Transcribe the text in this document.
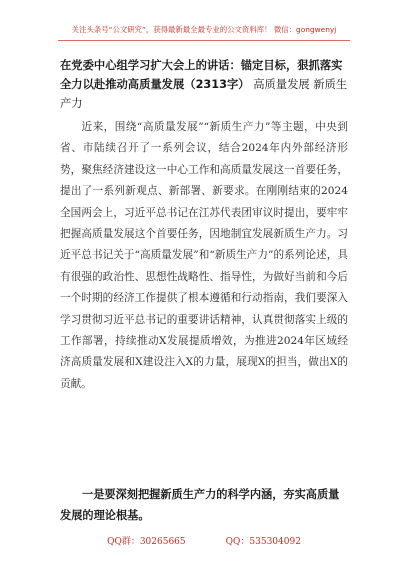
关注头条号“公文研究”，获得最新最全最专业的公文资料库！ 微信：gongwenyj
在党委中心组学习扩大会上的讲话：锚定目标，狠抓落实全力以赴推动高质量发展（2313字） 高质量发展 新质生产力

近来，围绕“高质量发展”“新质生产力”等主题，中央到省、市陆续召开了一系列会议，结合2024年内外部经济形势，聚焦经济建设这一中心工作和高质量发展这一首要任务，提出了一系列新观点、新部署、新要求。在刚刚结束的2024全国两会上，习近平总书记在江苏代表团审议时提出，要牢牢把握高质量发展这个首要任务，因地制宜发展新质生产力。习近平总书记关于“高质量发展”和“新质生产力”的系列论述，具有很强的政治性、思想性战略性、指导性，为做好当前和今后一个时期的经济工作提供了根本遵循和行动指南，我们要深入学习贯彻习近平总书记的重要讲话精神，认真贯彻落实上级的工作部署，持续推动X发展提质增效，为推进2024年区域经济高质量发展和X建设注入X的力量，展现X的担当，做出X的贡献。

一是要深刻把握新质生产力的科学内涵，夯实高质量发展的理论根基。

QQ群：30265665	QQ：535304092
